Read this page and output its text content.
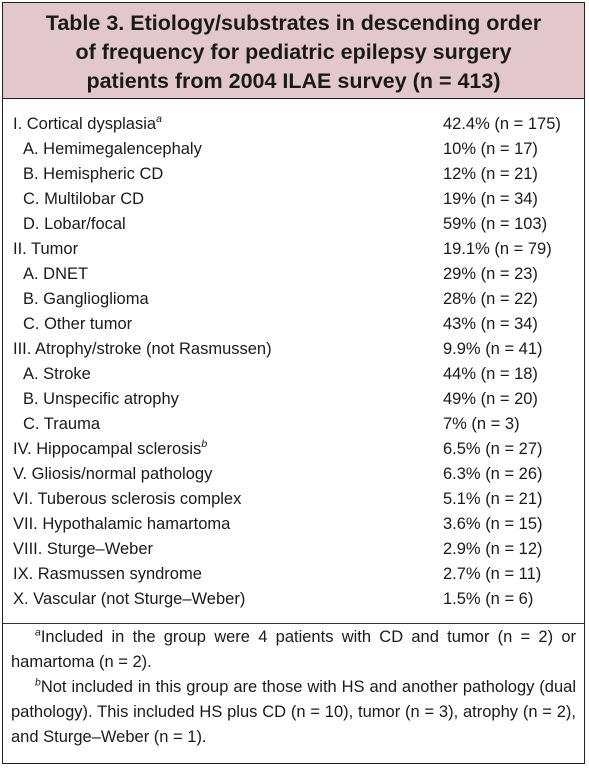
Table 3. Etiology/substrates in descending order
of frequency for pediatric epilepsy surgery
patients from 2004 ILAE survey (n = 413)
I. Cortical dysplasia$^a$	42.4% (n = 175)
A. Hemimegalencephaly	10% (n = 17)
B. Hemispheric CD	12% (n = 21)
C. Multilobar CD	19% (n = 34)
D. Lobar/focal	59% (n = 103)
II. Tumor	19.1% (n = 79)
A. DNET	29% (n = 23)
B. Ganglioglioma	28% (n = 22)
C. Other tumor	43% (n = 34)
III. Atrophy/stroke (not Rasmussen)	9.9% (n = 41)
A. Stroke	44% (n = 18)
B. Unspecific atrophy	49% (n = 20)
C. Trauma	7% (n = 3)
IV. Hippocampal sclerosis$^b$	6.5% (n = 27)
V. Gliosis/normal pathology	6.3% (n = 26)
VI. Tuberous sclerosis complex	5.1% (n = 21)
VII. Hypothalamic hamartoma	3.6% (n = 15)
VIII. Sturge–Weber	2.9% (n = 12)
IX. Rasmussen syndrome	2.7% (n = 11)
X. Vascular (not Sturge–Weber)	1.5% (n = 6)

$^a$Included in the group were 4 patients with CD and tumor (n = 2) or hamartoma (n = 2).

$^b$Not included in this group are those with HS and another pathology (dual pathology). This included HS plus CD (n = 10), tumor (n = 3), atrophy (n = 2), and Sturge–Weber (n = 1).
